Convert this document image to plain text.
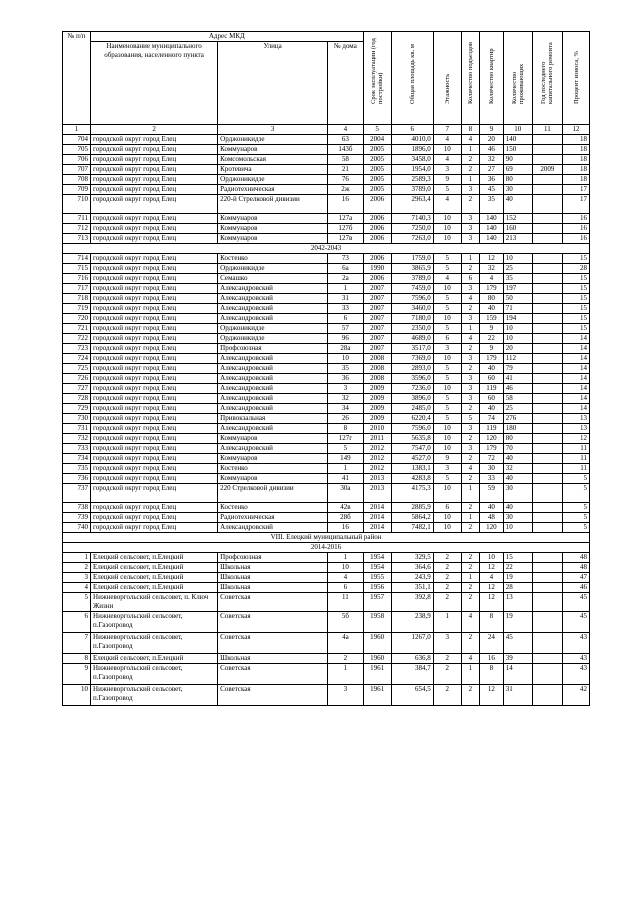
№ п/п	Адрес МКД			Срок эксплуатации (год постройки)	Общая площадь кв. м	Этажность	Количество подъездов	Количество квартир	Количество проживающих	Год последнего капитального ремонта	Процент износа, %

	Наименование муниципального образования, населенного пункта	Улица	№ дома								
1	2	3	4	5	6	7	8	9	10	11	12
704	городской округ город Елец	Орджоникидзе	63	2004	4010,0	4	4	20	140		18
705	городской округ город Елец	Коммунаров	143б	2005	1896,0	10	1	46	150		18
706	городской округ город Елец	Комсомольская	58	2005	3458,0	4	2	32	90		18
707	городской округ город Елец	Кротевича	21	2005	1954,0	3	2	27	69	2009	18
708	городской округ город Елец	Орджоникидзе	76	2005	2589,3	9	1	36	80		18
709	городской округ город Елец	Радиотехническая	2ж	2005	3789,0	5	3	45	30		17
710	городской округ город Елец	220-й Стрелковой дивизии	16	2006	2963,4	4	2	35	40		17
711	городской округ город Елец	Коммунаров	127а	2006	7140,3	10	3	140	152		16
712	городской округ город Елец	Коммунаров	127б	2006	7250,0	10	3	140	160		16
713	городской округ город Елец	Коммунаров	127в	2006	7263,0	10	3	140	213		16
2042-2043											
714	городской округ город Елец	Костенко	73	2006	1759,0	5	1	12	10		15
715	городской округ город Елец	Орджоникидзе	6а	1990	3865,9	5	2	32	25		28
716	городской округ город Елец	Семашко	2а	2006	3789,0	4	6	4	35		15
717	городской округ город Елец	Александровский	1	2007	7459,0	10	3	179	197		15
718	городской округ город Елец	Александровский	31	2007	7596,0	5	4	80	50		15
719	городской округ город Елец	Александровский	33	2007	3460,0	5	2	40	71		15
720	городской округ город Елец	Александровский	6	2007	7180,0	10	3	159	194		15
721	городской округ город Елец	Орджоникидзе	57	2007	2350,0	5	1	9	10		15
722	городской округ город Елец	Орджоникидзе	96	2007	4689,0	6	4	22	10		14
723	городской округ город Елец	Профсоюзная	28а	2007	3517,0	3	2	9	20		14
724	городской округ город Елец	Александровский	10	2008	7369,0	10	3	179	112		14
725	городской округ город Елец	Александровский	35	2008	2893,0	5	2	40	79		14
726	городской округ город Елец	Александровский	36	2008	3596,0	5	3	60	41		14
727	городской округ город Елец	Александровский	3	2009	7236,0	10	3	119	46		14
728	городской округ город Елец	Александровский	32	2009	3896,0	5	3	60	58		14
729	городской округ город Елец	Александровский	34	2009	2485,0	5	2	40	25		14
730	городской округ город Елец	Привокзальная	26	2009	6220,4	5	5	74	276		13
731	городской округ город Елец	Александровский	8	2010	7596,0	10	3	119	180		13
732	городской округ город Елец	Коммунаров	127г	2011	5635,8	10	2	120	80		12
733	городской округ город Елец	Александровский	5	2012	7547,0	10	3	179	70		11
734	городской округ город Елец	Коммунаров	149	2012	4527,0	9	2	72	40		11
735	городской округ город Елец	Костенко	1	2012	1383,1	3	4	30	32		11
736	городской округ город Елец	Коммунаров	41	2013	4283,8	5	2	33	40		5
737	городской округ город Елец	220 Стрелковой дивизии	30а	2013	4175,3	10	1	59	30		5
738	городской округ город Елец	Костенко	42в	2014	2885,9	6	2	40	40		5
739	городской округ город Елец	Радиотехническая	28б	2014	5864,2	10	1	48	30		5
740	городской округ город Елец	Александровский	16	2014	7482,1	10	2	120	10		5
VIII. Елецкий муниципальный район											
2014-2016											
1	Елецкий сельсовет, п.Елецкий	Профсоюзная	1	1954	329,5	2	2	10	15		48
2	Елецкий сельсовет, п.Елецкий	Школьная	10	1954	364,6	2	2	12	22		48
3	Елецкий сельсовет, п.Елецкий	Школьная	4	1955	243,9	2	1	4	19		47
4	Елецкий сельсовет, п.Елецкий	Школьная	6	1956	351,1	2	2	12	28		46
5	Нижневоргольский сельсовет, п. Ключ Жизни	Советская	11	1957	392,8	2	2	12	13		45
6	Нижневоргольский сельсовет, п.Газопровод	Советская	5б	1958	238,9	1	4	8	19		45
7	Нижневоргольский сельсовет, п.Газопровод	Советская	4а	1960	1267,0	3	2	24	45		43
8	Елецкий сельсовет, п.Елецкий	Школьная	2	1960	636,8	2	4	16	39		43
9	Нижневоргольский сельсовет, п.Газопровод	Советская	1	1961	384,7	2	1	8	14		43
10	Нижневоргольский сельсовет, п.Газопровод	Советская	3	1961	654,5	2	2	12	31		42
